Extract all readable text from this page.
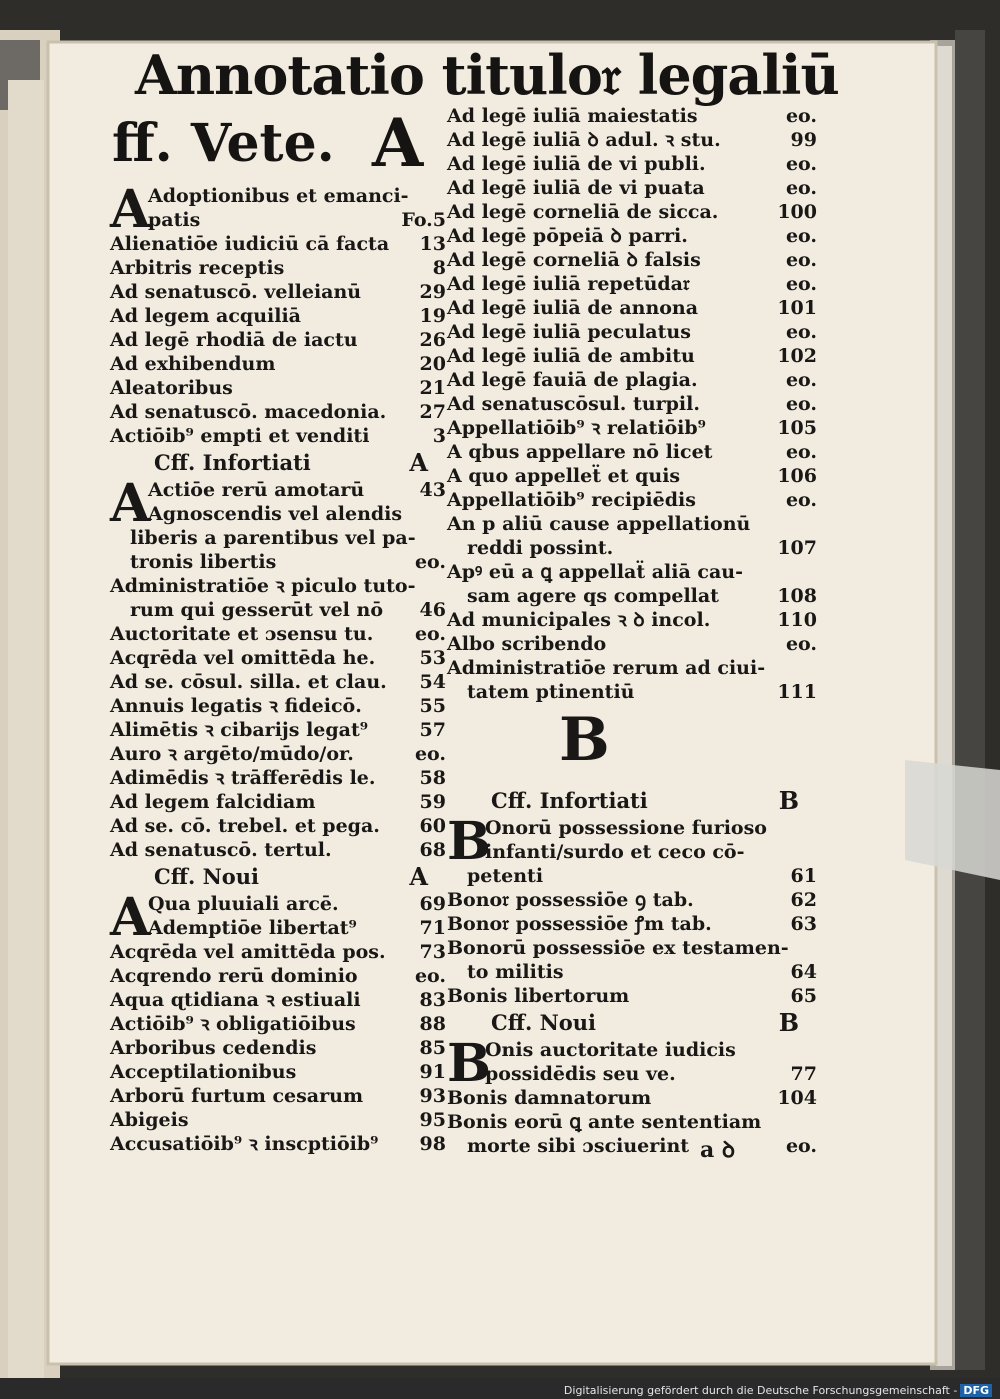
Annotatio titulo𝔯 legaliū
ff. Vete. A
A
Adoptionibus et emanci-
patis	Fo.5
Alienatiōe iudiciū cā facta 13
Arbitris receptis	8
Ad senatuscō. velleianū	29
Ad legem acquiliā	19
Ad legē rhodiā de iactu	26
Ad exhibendum	20
Aleatoribus	21
Ad senatuscō. macedonia. 27
Actiōib⁹ empti et venditi	3
Cff. Infortiati	A
A
Actiōe rerū amotarū	43
Agnoscendis vel alendis
liberis a parentibus vel pa-
tronis libertis	eo.
Administratiōe ꝛ piculo tuto-
rum qui gesserūt vel nō 46
Auctoritate et ɔsensu tu. eo.
Acqrēda vel omittēda he. 53
Ad se. cōsul. silla. et clau. 54
Annuis legatis ꝛ fideicō.	55
Alimētis ꝛ cibarijs legat⁹	57
Auro ꝛ argēto/mūdo/or.	eo.
Adimēdis ꝛ trāfferēdis le. 58
Ad legem falcidiam	59
Ad se. cō. trebel. et pega. 60
Ad senatuscō. tertul.	68
Cff. Noui	A
A
Qua pluuiali arcē.	69
Ademptiōe libertat⁹	71
Acqrēda vel amittēda pos. 73
Acqrendo rerū dominio	eo.
Aqua ɋtidiana ꝛ estiuali	83
Actiōib⁹ ꝛ obligatiōibus	88
Arboribus cedendis	85
Acceptilationibus	91
Arborū furtum cesarum	93
Abigeis	95
Accusatiōib⁹ ꝛ inscptiōib⁹ 98
Ad legē iuliā maiestatis	eo.
Ad legē iuliā ꝺ adul. ꝛ stu.	99
Ad legē iuliā de vi publi.	eo.
Ad legē iuliā de vi puata	eo.
Ad legē corneliā de sicca.	100
Ad legē pōpeiā ꝺ parri.	eo.
Ad legē corneliā ꝺ falsis	eo.
Ad legē iuliā repetūda𝔯	eo.
Ad legē iuliā de annona	101
Ad legē iuliā peculatus	eo.
Ad legē iuliā de ambitu	102
Ad legē fauiā de plagia.	eo.
Ad senatuscōsul. turpil.	eo.
Appellatiōib⁹ ꝛ relatiōib⁹	105
A qbus appellare nō licet	eo.
A quo appelleẗ et quis	106
Appellatiōib⁹ recipiēdis	eo.
An p aliū cause appellationū
reddi possint.	107
Apꝰ eū a ꝗ appellaẗ aliā cau-
sam agere qs compellat	108
Ad municipales ꝛ ꝺ incol.	110
Albo scribendo	eo.
Administratiōe rerum ad ciui-
tatem ptinentiū	111
B
Cff. Infortiati	B
B
Onorū possessione furioso
infanti/surdo et ceco cō-
petenti	61
Bono𝔯 possessiōe ꝯ tab.	62
Bono𝔯 possessiōe ꝭm tab.	63
Bonorū possessiōe ex testamen-
to militis	64
Bonis libertorum	65
Cff. Noui	B
B
Onis auctoritate iudicis
possidēdis seu ve.	77
Bonis damnatorum	104
Bonis eorū ꝗ ante sententiam
morte sibi ɔsciuerint	eo.
a ꝺ
Digitalisierung gefördert durch die Deutsche Forschungsgemeinschaft - DFG
